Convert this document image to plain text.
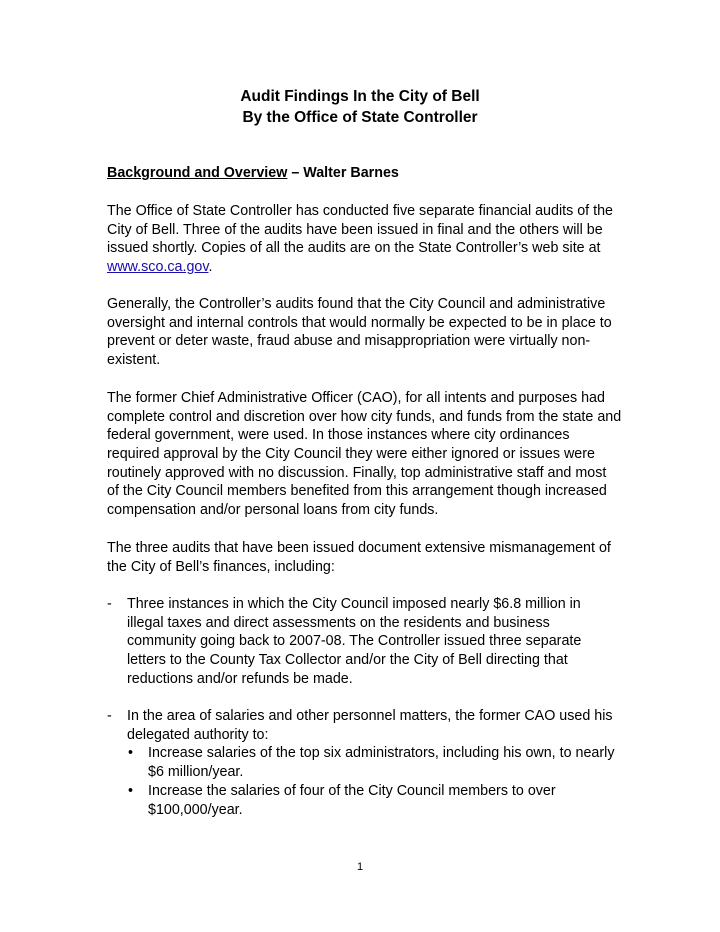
Audit Findings In the City of Bell
By the Office of State Controller
Background and Overview – Walter Barnes
The Office of State Controller has conducted five separate financial audits of the
City of Bell. Three of the audits have been issued in final and the others will be
issued shortly. Copies of all the audits are on the State Controller’s web site at
www.sco.ca.gov.
Generally, the Controller’s audits found that the City Council and administrative
oversight and internal controls that would normally be expected to be in place to
prevent or deter waste, fraud abuse and misappropriation were virtually non-
existent.
The former Chief Administrative Officer (CAO), for all intents and purposes had
complete control and discretion over how city funds, and funds from the state and
federal government, were used. In those instances where city ordinances
required approval by the City Council they were either ignored or issues were
routinely approved with no discussion. Finally, top administrative staff and most
of the City Council members benefited from this arrangement though increased
compensation and/or personal loans from city funds.
The three audits that have been issued document extensive mismanagement of
the City of Bell’s finances, including:
- Three instances in which the City Council imposed nearly $6.8 million in
illegal taxes and direct assessments on the residents and business
community going back to 2007-08. The Controller issued three separate
letters to the County Tax Collector and/or the City of Bell directing that
reductions and/or refunds be made.
- In the area of salaries and other personnel matters, the former CAO used his
delegated authority to:
• Increase salaries of the top six administrators, including his own, to nearly
$6 million/year.
• Increase the salaries of four of the City Council members to over
$100,000/year.
1
